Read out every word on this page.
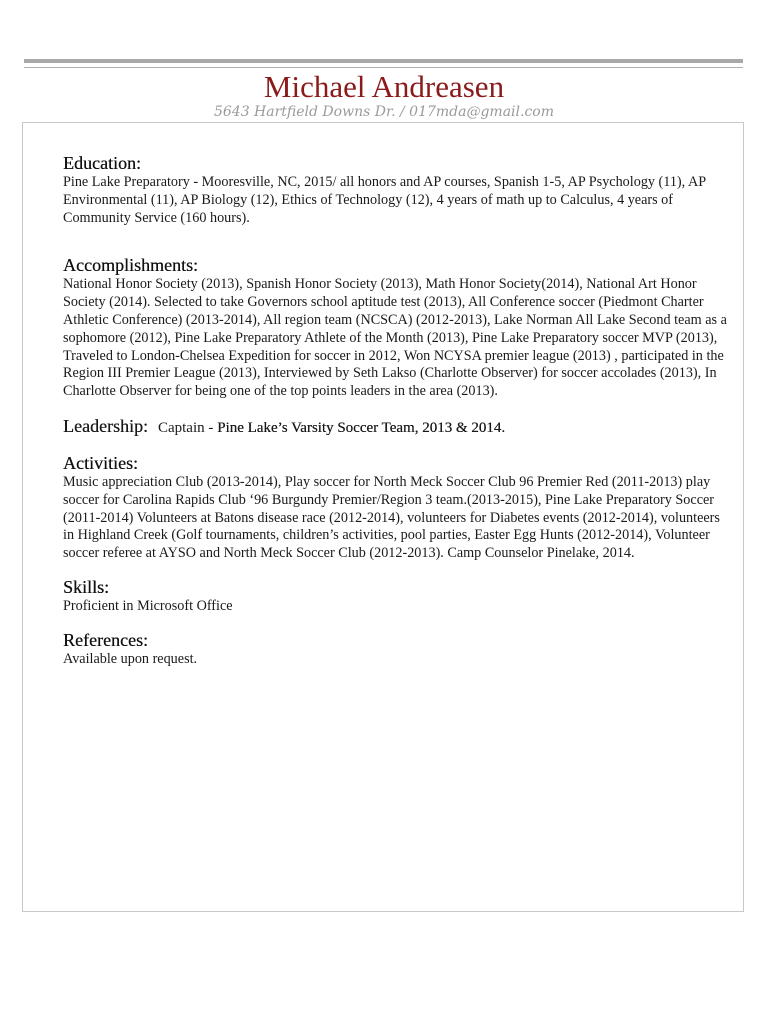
Michael Andreasen
5643 Hartfield Downs Dr. / 017mda@gmail.com
Education:

Pine Lake Preparatory - Mooresville, NC, 2015/ all honors and AP courses, Spanish 1-5, AP Psychology (11), AP Environmental (11), AP Biology (12), Ethics of Technology (12), 4 years of math up to Calculus, 4 years of Community Service (160 hours).

Accomplishments:

National Honor Society (2013), Spanish Honor Society (2013), Math Honor Society(2014), National Art Honor Society (2014). Selected to take Governors school aptitude test (2013), All Conference soccer (Piedmont Charter Athletic Conference) (2013-2014), All region team (NCSCA) (2012-2013), Lake Norman All Lake Second team as a sophomore (2012), Pine Lake Preparatory Athlete of the Month (2013), Pine Lake Preparatory soccer MVP (2013), Traveled to London-Chelsea Expedition for soccer in 2012, Won NCYSA premier league (2013) , participated in the Region III Premier League (2013), Interviewed by Seth Lakso (Charlotte Observer) for soccer accolades (2013), In Charlotte Observer for being one of the top points leaders in the area (2013).

Leadership: Captain - Pine Lake’s Varsity Soccer Team, 2013 & 2014.

Activities:

Music appreciation Club (2013-2014), Play soccer for North Meck Soccer Club 96 Premier Red (2011-2013) play soccer for Carolina Rapids Club ‘96 Burgundy Premier/Region 3 team.(2013-2015), Pine Lake Preparatory Soccer (2011-2014) Volunteers at Batons disease race (2012-2014), volunteers for Diabetes events (2012-2014), volunteers in Highland Creek (Golf tournaments, children’s activities, pool parties, Easter Egg Hunts (2012-2014), Volunteer soccer referee at AYSO and North Meck Soccer Club (2012-2013). Camp Counselor Pinelake, 2014.

Skills:

Proficient in Microsoft Office

References:

Available upon request.
